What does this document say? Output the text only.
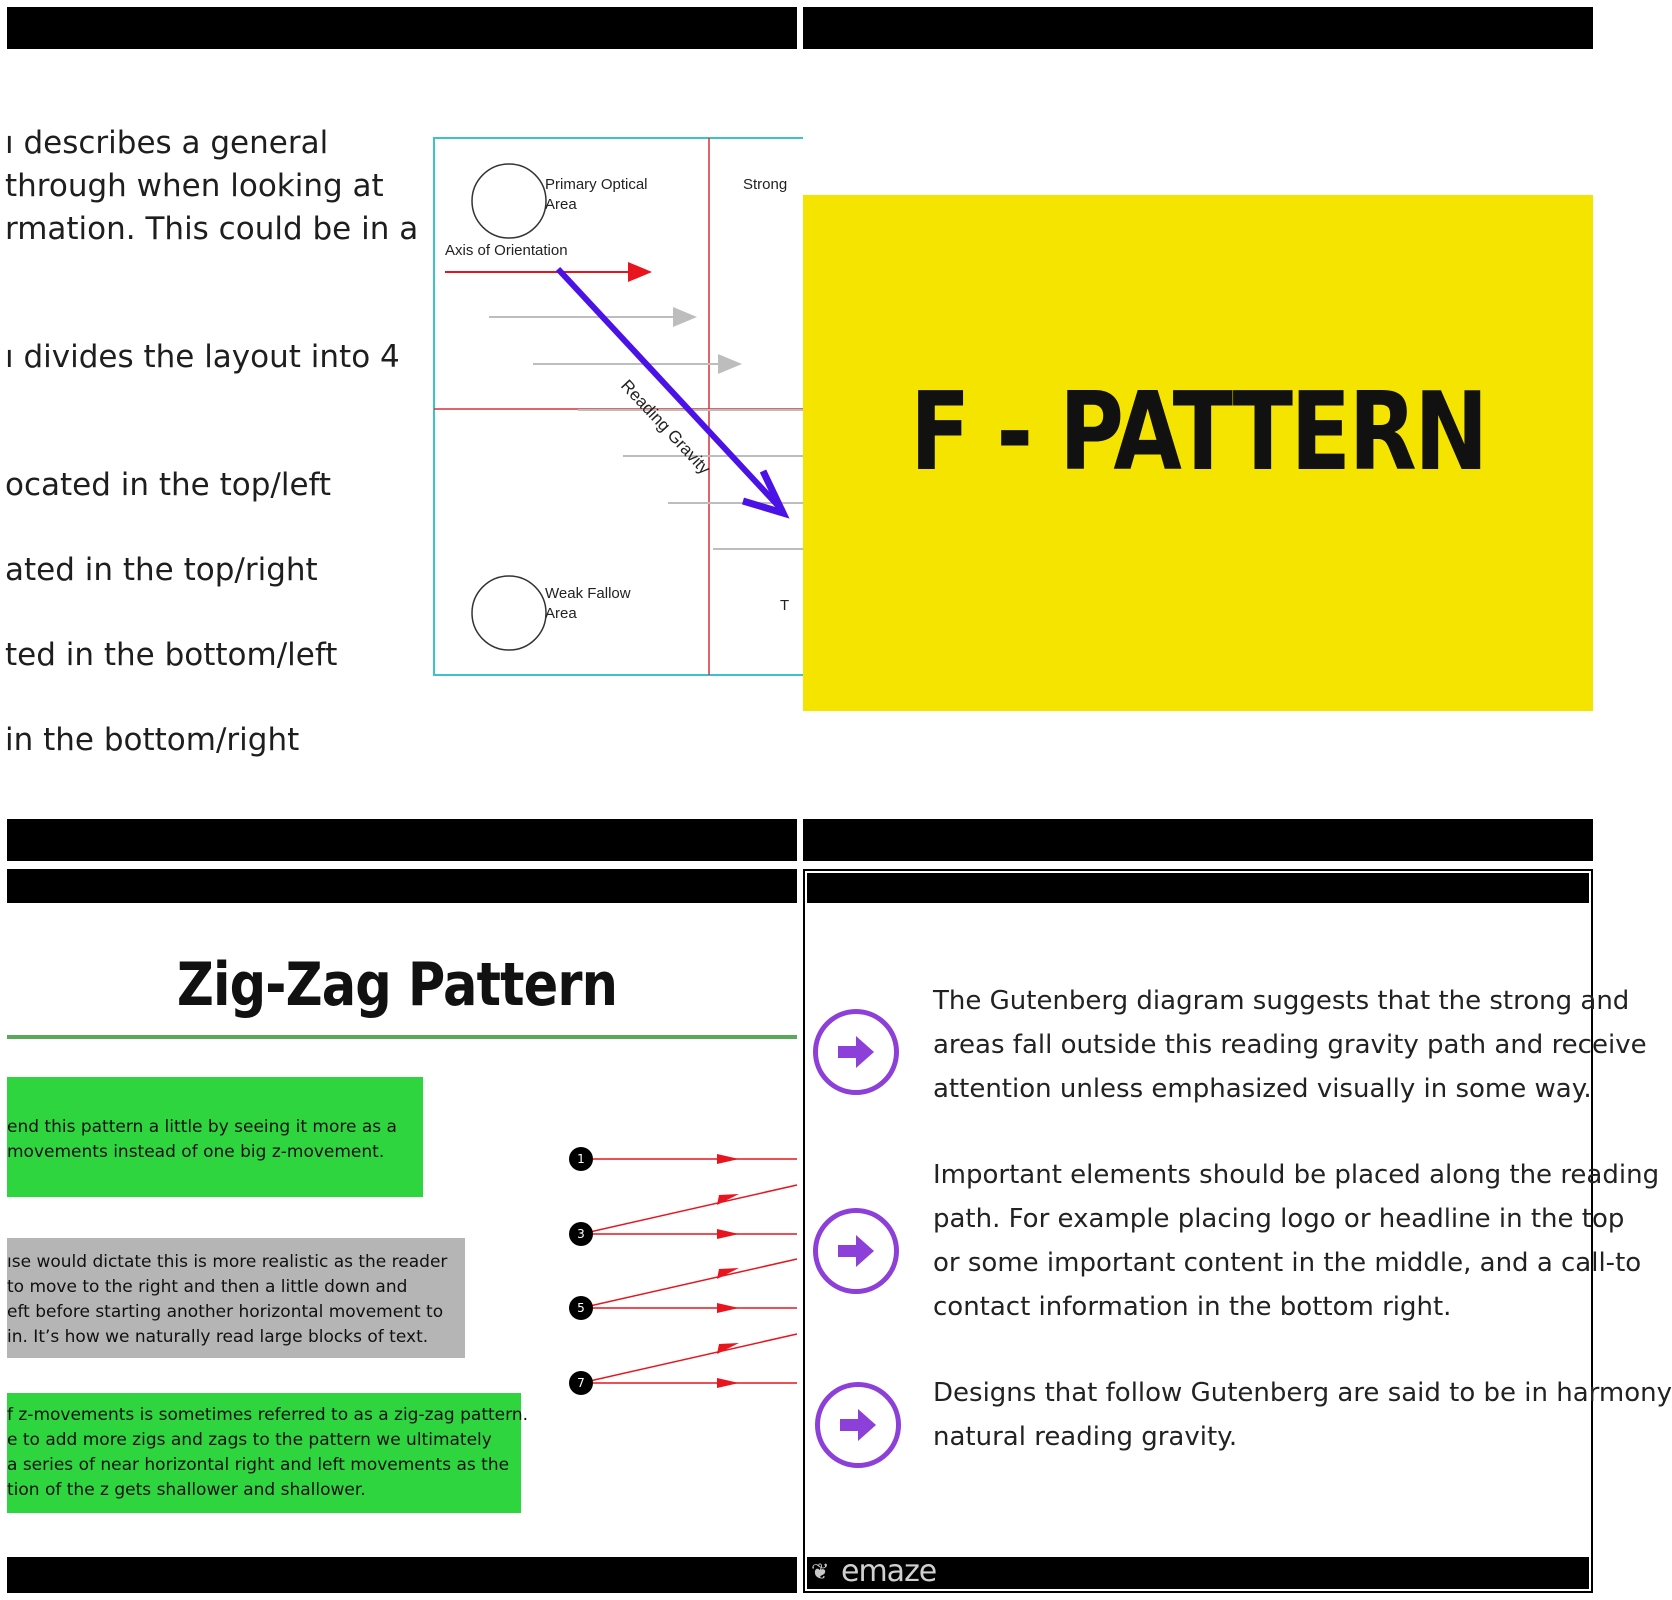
ı describes a general
through when looking at
rmation. This could be in a
ı divides the layout into 4
ocated in the top/left
ated in the top/right
ted in the bottom/left
in the bottom/right
Primary Optical
Area
Strong
Axis of Orientation
Reading Gravity
Weak Fallow
Area	T
F - PATTERN
Zig-Zag Pattern
end this pattern a little by seeing it more as a
movements instead of one big z-movement.
ıse would dictate this is more realistic as the reader
to move to the right and then a little down and
eft before starting another horizontal movement to
in. It’s how we naturally read large blocks of text.
f z-movements is sometimes referred to as a zig-zag pattern.
e to add more zigs and zags to the pattern we ultimately
a series of near horizontal right and left movements as the
tion of the z gets shallower and shallower.
1
3
5
7
The Gutenberg diagram suggests that the strong and
areas fall outside this reading gravity path and receive
attention unless emphasized visually in some way.
Important elements should be placed along the reading
path. For example placing logo or headline in the top
or some important content in the middle, and a call-to
contact information in the bottom right.
Designs that follow Gutenberg are said to be in harmony
natural reading gravity.
❦ emaze
